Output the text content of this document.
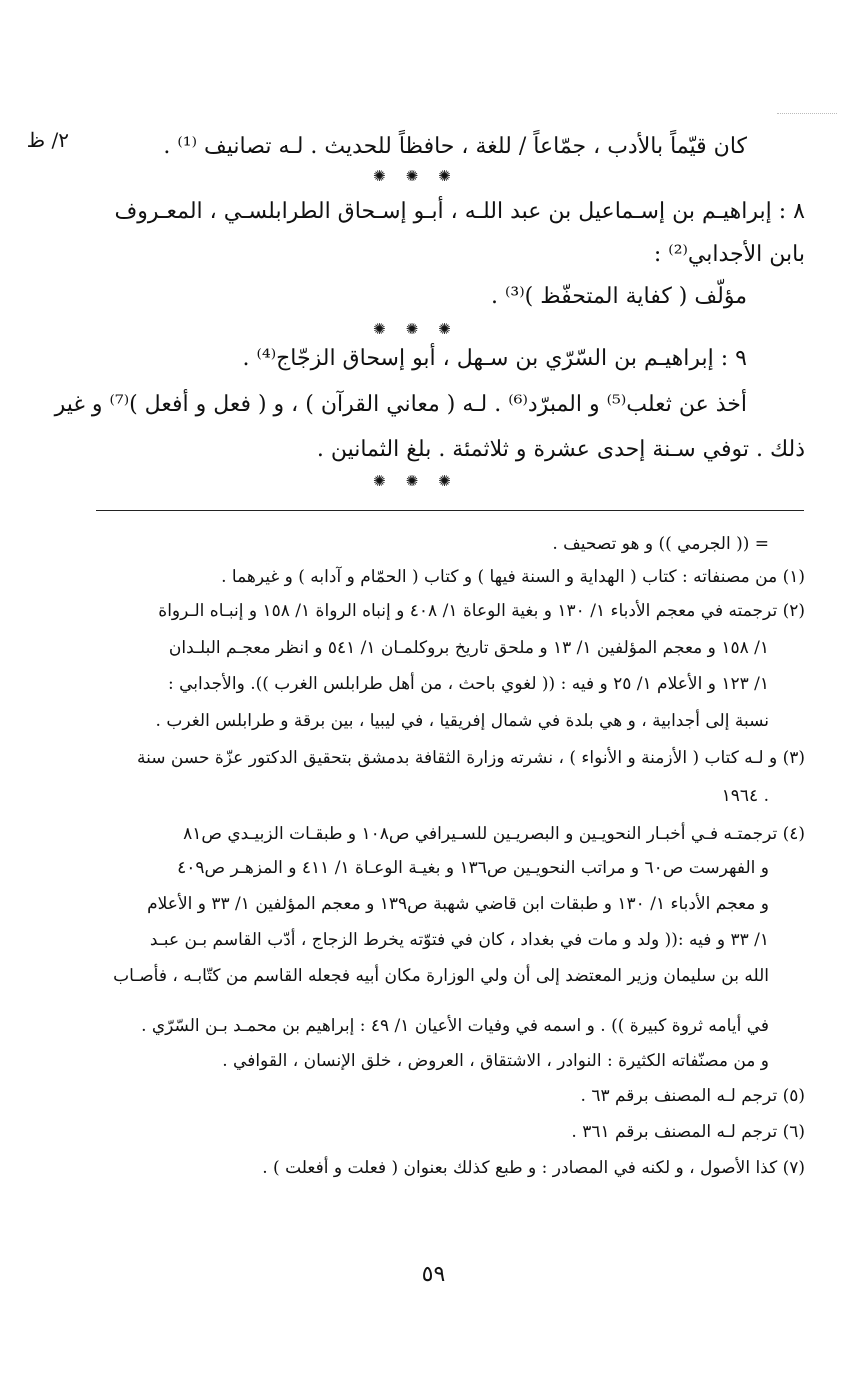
٢/ ظ	كان قيّماً بالأدب ، جمّاعاً / للغة ، حافظاً للحديث . لـه تصانيف ⁽¹⁾ .
✺ ✺ ✺
٨ : إبراهيـم بن إسـماعيل بن عبد اللـه ، أبـو إسـحاق الطرابلسـي ، المعـروف
بابن الأجدابي⁽²⁾ :
مؤلّف ( كفاية المتحفّظ )⁽³⁾ .
✺ ✺ ✺
٩ : إبراهيـم بن السّرّي بن سـهل ، أبو إسحاق الزجّاج⁽⁴⁾ .
أخذ عن ثعلب⁽⁵⁾ و المبرّد⁽⁶⁾ . لـه ( معاني القرآن ) ، و ( فعل و أفعل )⁽⁷⁾ و غير
ذلك . توفي سـنة إحدى عشرة و ثلاثمئة . بلغ الثمانين .
✺ ✺ ✺
= (( الجرمي )) و هو تصحيف .
(١) من مصنفاته : كتاب ( الهداية و السنة فيها ) و كتاب ( الحمّام و آدابه ) و غيرهما .
(٢) ترجمته في معجم الأدباء ١/ ١٣٠ و بغية الوعاة ١/ ٤٠٨ و إنباه الرواة ١/ ١٥٨ و إنبـاه الـرواة
١/ ١٥٨ و معجم المؤلفين ١/ ١٣ و ملحق تاريخ بروكلمـان ١/ ٥٤١ و انظر معجـم البلـدان
١/ ١٢٣ و الأعلام ١/ ٢٥ و فيه : (( لغوي باحث ، من أهل طرابلس الغرب )). والأجدابي :
نسبة إلى أجدابية ، و هي بلدة في شمال إفريقيا ، في ليبيا ، بين برقة و طرابلس الغرب .
(٣) و لـه كتاب ( الأزمنة و الأنواء ) ، نشرته وزارة الثقافة بدمشق بتحقيق الدكتور عزّة حسن سنة
١٩٦٤ .
(٤) ترجمتـه فـي أخبـار النحويـين و البصريـين للسـيرافي ص١٠٨ و طبقـات الزبيـدي ص٨١
و الفهرست ص٦٠ و مراتب النحويـين ص١٣٦ و بغيـة الوعـاة ١/ ٤١١ و المزهـر ص٤٠٩
و معجم الأدباء ١/ ١٣٠ و طبقات ابن قاضي شهبة ص١٣٩ و معجم المؤلفين ١/ ٣٣ و الأعلام
١/ ٣٣ و فيه :(( ولد و مات في بغداد ، كان في فتوّته يخرط الزجاج ، أدّب القاسم بـن عبـد
الله بن سليمان وزير المعتضد إلى أن ولي الوزارة مكان أبيه فجعله القاسم من كتّابـه ، فأصـاب
في أيامه ثروة كبيرة )) . و اسمه في وفيات الأعيان ١/ ٤٩ : إبراهيم بن محمـد بـن السّرّي .
و من مصنّفاته الكثيرة : النوادر ، الاشتقاق ، العروض ، خلق الإنسان ، القوافي .
(٥) ترجم لـه المصنف برقم ٦٣ .
(٦) ترجم لـه المصنف برقم ٣٦١ .
(٧) كذا الأصول ، و لكنه في المصادر : و طبع كذلك بعنوان ( فعلت و أفعلت ) .
٥٩
